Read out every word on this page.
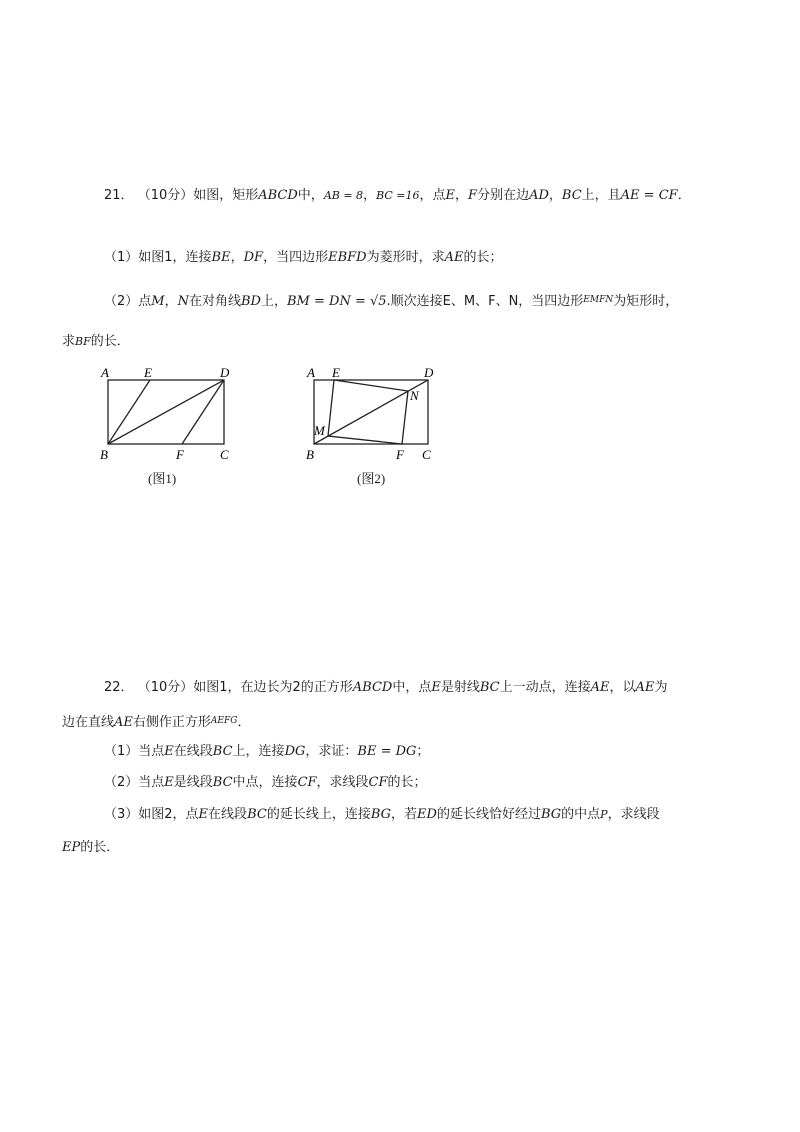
21． （10分）如图，矩形ABCD中，AB = 8，BC =16，点E，F分别在边AD，BC上，且AE = CF．
（1）如图1，连接BE，DF，当四边形EBFD为菱形时，求AE的长；
（2）点M，N在对角线BD上，BM = DN = √5.顺次连接E、M、F、N，当四边形$^{EMFN}$为矩形时，
求BF的长．
A	E	D
B	F	C
(图1)
A E	D
N
M
B	F C
(图2)
22． （10分）如图1，在边长为2的正方形ABCD中，点E是射线BC上一动点，连接AE，以AE为
边在直线AE右侧作正方形$^{AEFG}$．
（1）当点E在线段BC上，连接DG，求证：BE = DG；
（2）当点E是线段BC中点，连接CF，求线段CF的长；
（3）如图2，点E在线段BC的延长线上，连接BG，若ED的延长线恰好经过BG的中点P，求线段
EP的长．
